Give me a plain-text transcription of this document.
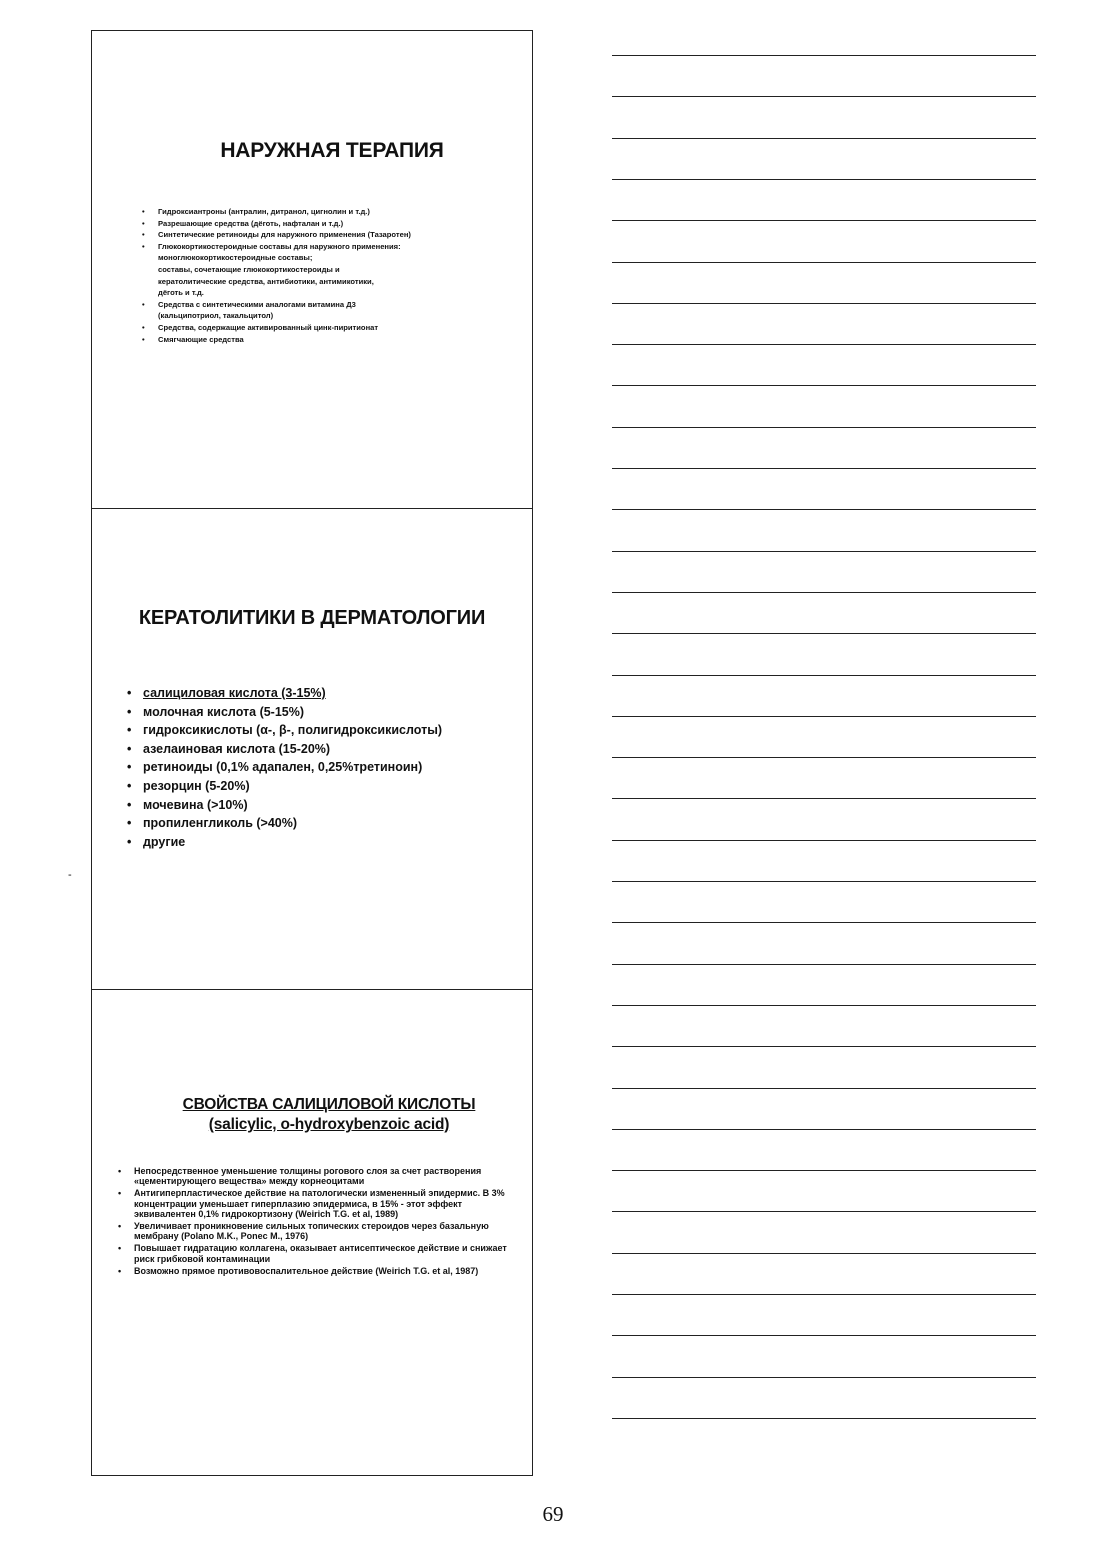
НАРУЖНАЯ ТЕРАПИЯ
• Гидроксиантроны (антралин, дитранол, цигнолин и т.д.)
• Разрешающие средства (дёготь, нафталан и т.д.)
• Синтетические ретиноиды для наружного применения (Тазаротен)
• Глюкокортикостероидные составы для наружного применения:
моноглюкокортикостероидные составы;
составы, сочетающие глюкокортикостероиды и
кератолитические средства, антибиотики, антимикотики,
дёготь и т.д.
• Средства с синтетическими аналогами витамина Д3
(кальципотриол, такальцитол)
• Средства, содержащие активированный цинк-пиритионат
• Смягчающие средства
КЕРАТОЛИТИКИ В ДЕРМАТОЛОГИИ
• салициловая кислота (3-15%)
• молочная кислота (5-15%)
• гидроксикислоты (α-, β-, полигидроксикислоты)
• азелаиновая кислота (15-20%)
• ретиноиды (0,1% адапален, 0,25%третиноин)
• резорцин (5-20%)
• мочевина (>10%)
• пропиленгликоль (>40%)
• другие
СВОЙСТВА САЛИЦИЛОВОЙ КИСЛОТЫ
(salicylic, o-hydroxybenzoic acid)
• Непосредственное уменьшение толщины рогового слоя за счет растворения «цементирующего вещества» между корнеоцитами
• Антигиперпластическое действие на патологически измененный эпидермис. В 3% концентрации уменьшает гиперплазию эпидермиса, в 15% - этот эффект эквивалентен 0,1% гидрокортизону (Weirich T.G. et al, 1989)
• Увеличивает проникновение сильных топических стероидов через базальную мембрану (Polano M.K., Ponec M., 1976)
• Повышает гидратацию коллагена, оказывает антисептическое действие и снижает риск грибковой контаминации
• Возможно прямое противовоспалительное действие (Weirich T.G. et al, 1987)
-
69
